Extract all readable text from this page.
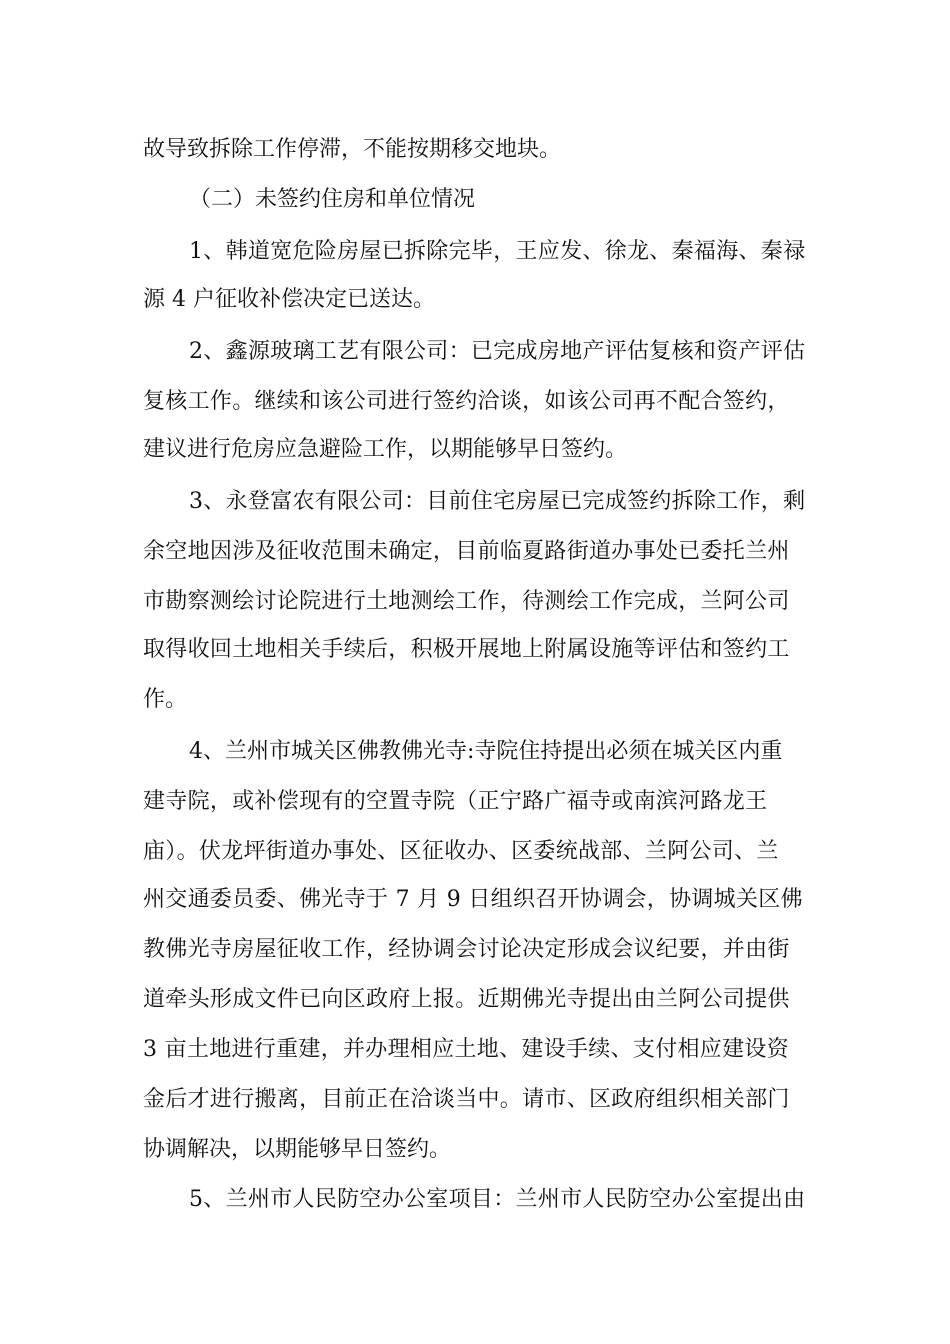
故导致拆除工作停滞，不能按期移交地块。
（二）未签约住房和单位情况
1、韩道宽危险房屋已拆除完毕，王应发、徐龙、秦福海、秦禄
源 4 户征收补偿决定已送达。
2、鑫源玻璃工艺有限公司：已完成房地产评估复核和资产评估
复核工作。继续和该公司进行签约洽谈，如该公司再不配合签约，
建议进行危房应急避险工作，以期能够早日签约。
3、永登富农有限公司：目前住宅房屋已完成签约拆除工作，剩
余空地因涉及征收范围未确定，目前临夏路街道办事处已委托兰州
市勘察测绘讨论院进行土地测绘工作，待测绘工作完成，兰阿公司
取得收回土地相关手续后，积极开展地上附属设施等评估和签约工
作。
4、兰州市城关区佛教佛光寺:寺院住持提出必须在城关区内重
建寺院，或补偿现有的空置寺院（正宁路广福寺或南滨河路龙王
庙）。伏龙坪街道办事处、区征收办、区委统战部、兰阿公司、兰
州交通委员委、佛光寺于 7 月 9 日组织召开协调会，协调城关区佛
教佛光寺房屋征收工作，经协调会讨论决定形成会议纪要，并由街
道牵头形成文件已向区政府上报。近期佛光寺提出由兰阿公司提供
3 亩土地进行重建，并办理相应土地、建设手续、支付相应建设资
金后才进行搬离，目前正在洽谈当中。请市、区政府组织相关部门
协调解决，以期能够早日签约。
5、兰州市人民防空办公室项目：兰州市人民防空办公室提出由
